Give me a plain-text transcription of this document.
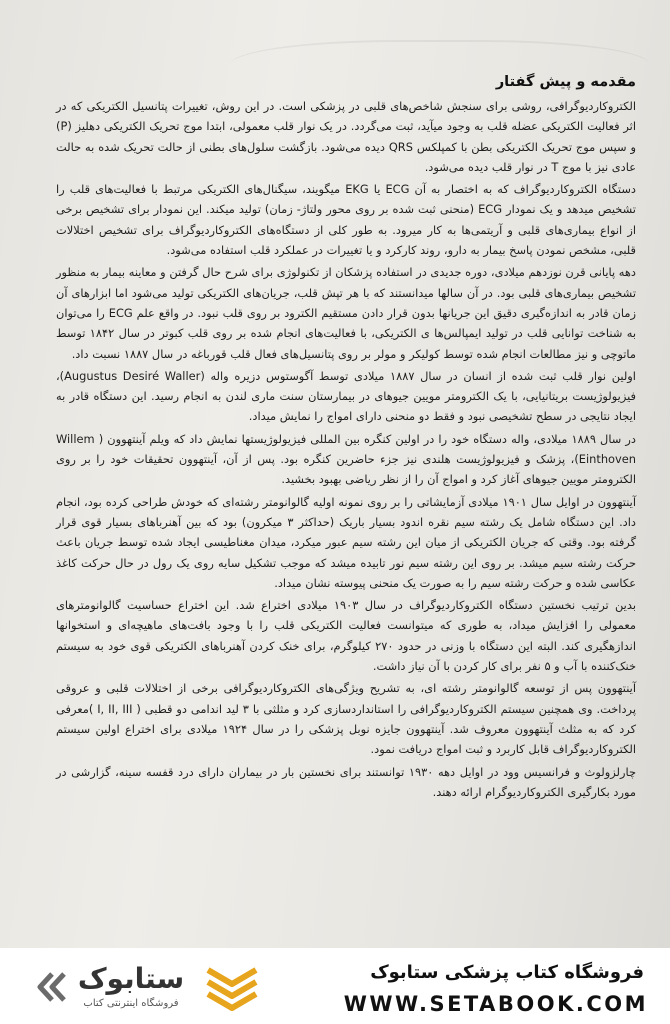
مقدمه و پیش گفتار

الکتروکاردیوگرافی، روشی برای سنجش شاخص‌های قلبی در پزشکی است. در این روش، تغییرات پتانسیل الکتریکی که در اثر فعالیت الکتریکی عضله قلب به وجود میآید، ثبت می‌گردد. در یک نوار قلب معمولی، ابتدا موج تحریک الکتریکی دهلیز (P) و سپس موج تحریک الکتریکی بطن با کمپلکس QRS دیده می‌شود. بازگشت سلول‌های بطنی از حالت تحریک شده به حالت عادی نیز با موج T در نوار قلب دیده می‌شود.

دستگاه الکتروکاردیوگراف که به اختصار به آن ECG یا EKG میگویند، سیگنال‌های الکتریکی مرتبط با فعالیت‌های قلب را تشخیص میدهد و یک نمودار ECG (منحنی ثبت شده بر روی محور ولتاژ- زمان) تولید میکند. این نمودار برای تشخیص برخی از انواع بیماری‌های قلبی و آریتمی‌ها به کار میرود. به طور کلی از دستگاه‌های الکتروکاردیوگراف برای تشخیص اختلالات قلبی، مشخص نمودن پاسخ بیمار به دارو، روند کارکرد و یا تغییرات در عملکرد قلب استفاده می‌شود.

دهه پایانی قرن نوزدهم میلادی، دوره جدیدی در استفاده پزشکان از تکنولوژی برای شرح حال گرفتن و معاینه بیمار به منظور تشخیص بیماری‌های قلبی بود. در آن سالها میدانستند که با هر تپش قلب، جریان‌های الکتریکی تولید می‌شود اما ابزارهای آن زمان قادر به اندازه‌گیری دقیق این جریانها بدون قرار دادن مستقیم الکترود بر روی قلب نبود. در واقع علم ECG را می‌توان به شناخت توانایی قلب در تولید ایمپالس‌ها ی الکتریکی، با فعالیت‌های انجام شده بر روی قلب کبوتر در سال ۱۸۴۲ توسط ماتوچی و نیز مطالعات انجام شده توسط کولیکر و مولر بر روی پتانسیل‌های فعال قلب قورباغه در سال ۱۸۸۷ نسبت داد.

اولین نوار قلب ثبت شده از انسان در سال ۱۸۸۷ میلادی توسط آگوستوس دزیره واله (Augustus Desiré Waller)، فیزیولوژیست بریتانیایی، با یک الکترومتر مویین جیوهای در بیمارستان سنت ماری لندن به انجام رسید. این دستگاه قادر به ایجاد نتایجی در سطح تشخیصی نبود و فقط دو منحنی دارای امواج را نمایش میداد.

در سال ۱۸۸۹ میلادی، واله دستگاه خود را در اولین کنگره بین المللی فیزیولوژیستها نمایش داد که ویلم آینتهوون ( Willem Einthoven)، پزشک و فیزیولوژیست هلندی نیز جزء حاضرین کنگره بود. پس از آن، آینتهوون تحقیقات خود را بر روی الکترومتر مویین جیوهای آغاز کرد و امواج آن را از نظر ریاضی بهبود بخشید.

آینتهوون در اوایل سال ۱۹۰۱ میلادی آزمایشاتی را بر روی نمونه اولیه گالوانومتر رشته‌ای که خودش طراحی کرده بود، انجام داد. این دستگاه شامل یک رشته سیم نقره اندود بسیار باریک (حداکثر ۳ میکرون) بود که بین آهنرباهای بسیار قوی قرار گرفته بود. وقتی که جریان الکتریکی از میان این رشته سیم عبور میکرد، میدان مغناطیسی ایجاد شده توسط جریان باعث حرکت رشته سیم میشد. بر روی این رشته سیم نور تابیده میشد که موجب تشکیل سایه روی یک رول در حال حرکت کاغذ عکاسی شده و حرکت رشته سیم را به صورت یک منحنی پیوسته نشان میداد.

بدین ترتیب نخستین دستگاه الکتروکاردیوگراف در سال ۱۹۰۳ میلادی اختراع شد. این اختراع حساسیت گالوانومترهای معمولی را افزایش میداد، به طوری که میتوانست فعالیت الکتریکی قلب را با وجود بافت‌های ماهیچه‌ای و استخوانها اندازهگیری کند. البته این دستگاه با وزنی در حدود ۲۷۰ کیلوگرم، برای خنک کردن آهنرباهای الکتریکی قوی خود به سیستم خنک‌کننده با آب و ۵ نفر برای کار کردن با آن نیاز داشت.

آینتهوون پس از توسعه گالوانومتر رشته ای، به تشریح ویژگی‌های الکتروکاردیوگرافی برخی از اختلالات قلبی و عروقی پرداخت. وی همچنین سیستم الکتروکاردیوگرافی را استانداردسازی کرد و مثلثی با ۳ لید اندامی دو قطبی ( I, II, III )معرفی کرد که به مثلث آینتهوون معروف شد. آینتهوون جایزه نوبل پزشکی را در سال ۱۹۲۴ میلادی برای اختراع اولین سیستم الکتروکاردیوگراف قابل کاربرد و ثبت امواج دریافت نمود.

چارلزولوث و فرانسیس وود در اوایل دهه ۱۹۳۰ توانستند برای نخستین بار در بیماران دارای درد قفسه سینه، گزارشی در مورد بکارگیری الکتروکاردیوگرام ارائه دهند.

ستابوک
فروشگاه اینترنتی کتاب
فروشگاه کتاب پزشکی ستابوک
WWW.SETABOOK.COM
